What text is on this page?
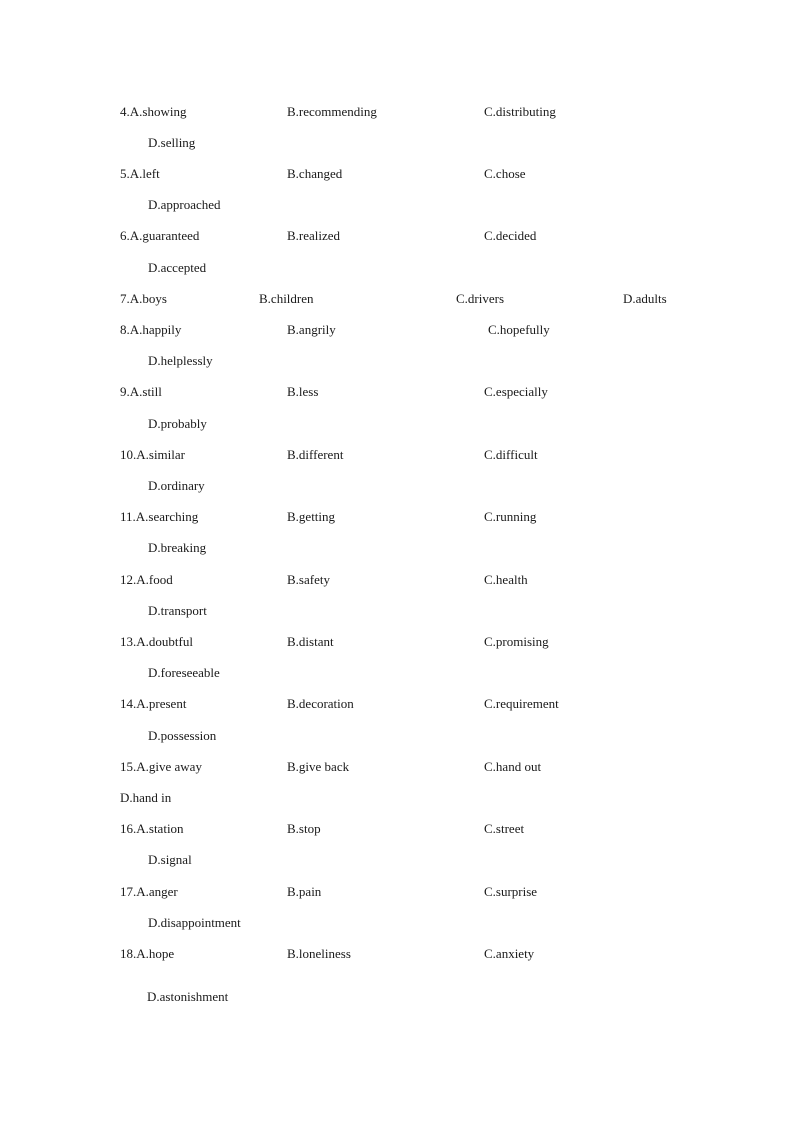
4.A.showing	B.recommending	C.distributing
D.selling
5.A.left	B.changed	C.chose
D.approached
6.A.guaranteed	B.realized	C.decided
D.accepted
7.A.boys	B.children	C.drivers	D.adults
8.A.happily	B.angrily	C.hopefully
D.helplessly
9.A.still	B.less	C.especially
D.probably
10.A.similar	B.different	C.difficult
D.ordinary
11.A.searching	B.getting	C.running
D.breaking
12.A.food	B.safety	C.health
D.transport
13.A.doubtful	B.distant	C.promising
D.foreseeable
14.A.present	B.decoration	C.requirement
D.possession
15.A.give away	B.give back	C.hand out
D.hand in
16.A.station	B.stop	C.street
D.signal
17.A.anger	B.pain	C.surprise
D.disappointment
18.A.hope	B.loneliness	C.anxiety
D.astonishment
